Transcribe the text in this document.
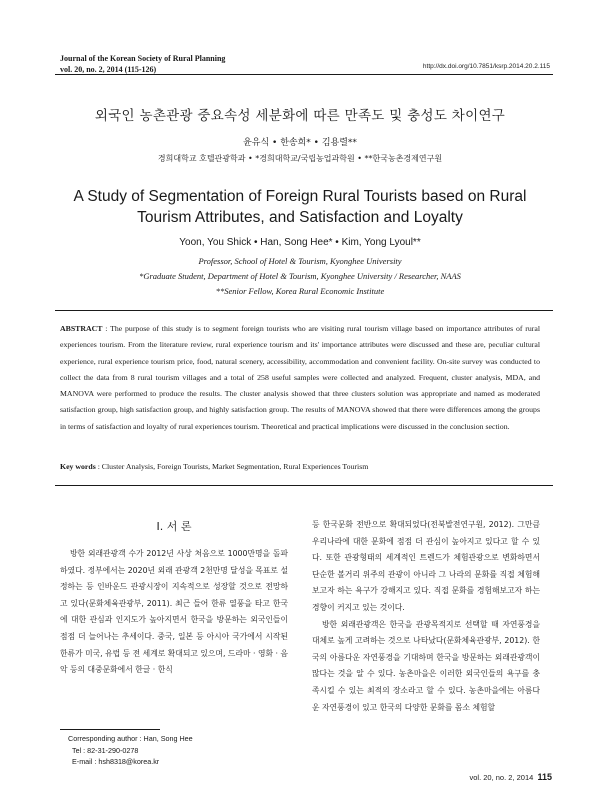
Journal of the Korean Society of Rural Planning
vol. 20, no. 2, 2014 (115-126)	http://dx.doi.org/10.7851/ksrp.2014.20.2.115
외국인 농촌관광 중요속성 세분화에 따른 만족도 및 충성도 차이연구
윤유식 • 한송희* • 김용렬**
경희대학교 호텔관광학과 • *경희대학교/국립농업과학원 • **한국농촌경제연구원
A Study of Segmentation of Foreign Rural Tourists based on Rural
Tourism Attributes, and Satisfaction and Loyalty
Yoon, You Shick • Han, Song Hee* • Kim, Yong Lyoul**
Professor, School of Hotel & Tourism, Kyonghee University
*Graduate Student, Department of Hotel & Tourism, Kyonghee University / Researcher, NAAS
**Senior Fellow, Korea Rural Economic Institute
ABSTRACT : The purpose of this study is to segment foreign tourists who are visiting rural tourism village based on importance attributes of rural experiences tourism. From the literature review, rural experience tourism and its' importance attributes were discussed and these are, peculiar cultural experience, rural experience tourism price, food, natural scenery, accessibility, accommodation and convenient facility. On-site survey was conducted to collect the data from 8 rural tourism villages and a total of 258 useful samples were collected and analyzed. Frequent, cluster analysis, MDA, and MANOVA were performed to produce the results. The cluster analysis showed that three clusters solution was appropriate and named as moderated satisfaction group, high satisfaction group, and highly satisfaction group. The results of MANOVA showed that there were differences among the groups in terms of satisfaction and loyalty of rural experiences tourism. Theoretical and practical implications were discussed in the conclusion section.
Key words : Cluster Analysis, Foreign Tourists, Market Segmentation, Rural Experiences Tourism
I. 서 론

방한 외래관광객 수가 2012년 사상 처음으로 1000만명을 돌파하였다. 정부에서는 2020년 외래 관광객 2천만명 달성을 목표로 설정하는 등 인바운드 관광시장이 지속적으로 성장할 것으로 전망하고 있다(문화체육관광부, 2011). 최근 들어 한류 열풍을 타고 한국에 대한 관심과 인지도가 높아지면서 한국을 방문하는 외국인들이 점점 더 늘어나는 추세이다. 중국, 일본 등 아시아 국가에서 시작된 한류가 미국, 유럽 등 전 세계로 확대되고 있으며, 드라마 · 영화 · 음악 등의 대중문화에서 한글 · 한식

등 한국문화 전반으로 확대되었다(전북발전연구원, 2012). 그만큼 우리나라에 대한 문화에 점점 더 관심이 높아지고 있다고 할 수 있다. 또한 관광형태의 세계적인 트렌드가 체험관광으로 변화하면서 단순한 볼거리 위주의 관광이 아니라 그 나라의 문화를 직접 체험해보고자 하는 욕구가 강해지고 있다. 직접 문화를 경험해보고자 하는 경향이 커지고 있는 것이다.

방한 외래관광객은 한국을 관광목적지로 선택할 때 자연풍경을 대체로 높게 고려하는 것으로 나타났다(문화체육관광부, 2012). 한국의 아름다운 자연풍경을 기대하며 한국을 방문하는 외래관광객이 많다는 것을 알 수 있다. 농촌마을은 이러한 외국인들의 욕구를 충족시킬 수 있는 최적의 장소라고 할 수 있다. 농촌마을에는 아름다운 자연풍경이 있고 한국의 다양한 문화를 몸소 체험할

Corresponding author : Han, Song Hee
Tel : 82-31-290-0278
E-mail : hsh8318@korea.kr
vol. 20, no. 2, 2014 115
